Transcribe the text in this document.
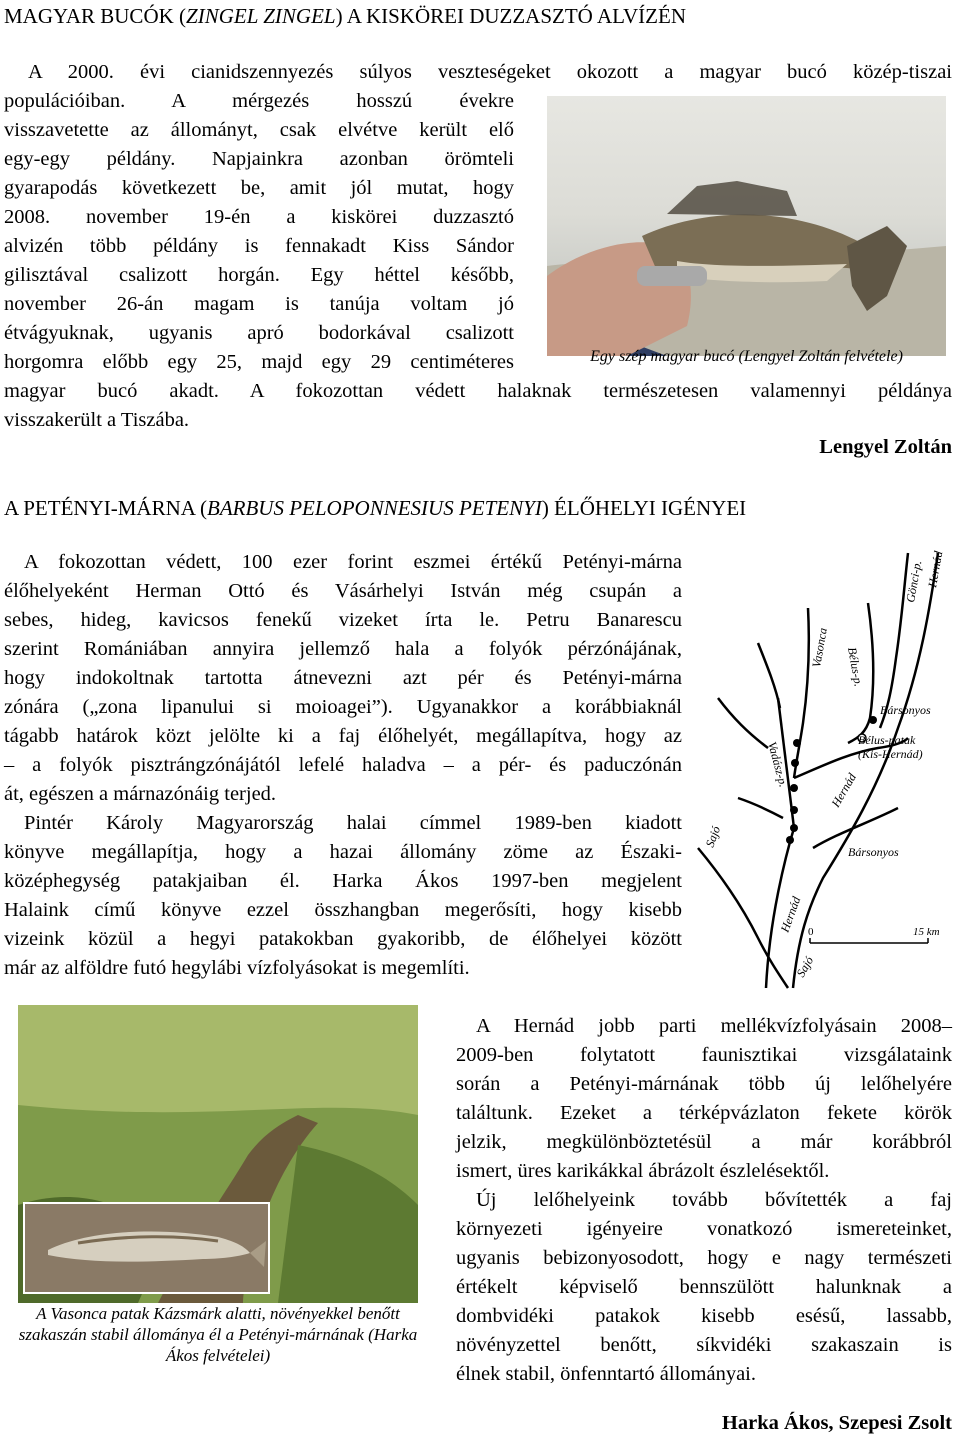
MAGYAR BUCÓK (ZINGEL ZINGEL) A KISKÖREI DUZZASZTÓ ALVÍZÉN
A 2000. évi cianidszennyezés súlyos veszteségeket okozott a magyar bucó közép-tiszai
populációiban. A mérgezés hosszú évekre
visszavetette az állományt, csak elvétve került elő
egy-egy példány. Napjainkra azonban örömteli
gyarapodás következett be, amit jól mutat, hogy
2008. november 19-én a kiskörei duzzasztó
alvizén több példány is fennakadt Kiss Sándor
gilisztával csalizott horgán. Egy héttel később,
november 26-án magam is tanúja voltam jó
étvágyuknak, ugyanis apró bodorkával csalizott
horgomra előbb egy 25, majd egy 29 centiméteres	Egy szép magyar bucó (Lengyel Zoltán felvétele)
magyar bucó akadt. A fokozottan védett halaknak természetesen valamennyi példánya
visszakerült a Tiszába.
Lengyel Zoltán
A PETÉNYI-MÁRNA (BARBUS PELOPONNESIUS PETENYI) ÉLŐHELYI IGÉNYEI
A fokozottan védett, 100 ezer forint eszmei értékű Petényi-márna
élőhelyeként Herman Ottó és Vásárhelyi István még csupán a
sebes, hideg, kavicsos fenekű vizeket írta le. Petru Banarescu
szerint Romániában annyira jellemző hala a folyók pérzónájának,
hogy indokoltnak tartotta átnevezni azt pér és Petényi-márna
zónára („zona lipanului si moioagei”). Ugyanakkor a korábbiaknál
tágabb határok közt jelölte ki a faj élőhelyét, megállapítva, hogy az
– a folyók pisztrángzónájától lefelé haladva – a pér- és paduczónán
át, egészen a márnazónáig terjed.
Pintér Károly Magyarország halai címmel 1989-ben kiadott
könyve megállapítja, hogy a hazai állomány zöme az Északi-
középhegység patakjaiban él. Harka Ákos 1997-ben megjelent
Halaink című könyve ezzel összhangban megerősíti, hogy kisebb
vizeink közül a hegyi patakokban gyakoribb, de élőhelyei között
már az alföldre futó hegylábi vízfolyásokat is megemlíti.
Hernád
Gönci-p.
Bélus-p.
Vasonca
Bársonyos
Bélus-patak
(Kis-Hernád)
Vadász-p.
Hernád
Bársonyos
Sajó
Hernád
Sajó
0	15 km
A Vasonca patak Kázsmárk alatti, növényekkel benőtt szakaszán stabil állománya él a Petényi-márnának (Harka Ákos felvételei)
A Hernád jobb parti mellékvízfolyásain 2008–
2009-ben folytatott faunisztikai vizsgálataink
során a Petényi-márnának több új lelőhelyére
találtunk. Ezeket a térképvázlaton fekete körök
jelzik, megkülönböztetésül a már korábbról
ismert, üres karikákkal ábrázolt észlelésektől.
Új lelőhelyeink tovább bővítették a faj
környezeti igényeire vonatkozó ismereteinket,
ugyanis bebizonyosodott, hogy e nagy természeti
értékelt képviselő bennszülött halunknak a
dombvidéki patakok kisebb esésű, lassabb,
növényzettel benőtt, síkvidéki szakaszain is
élnek stabil, önfenntartó állományai.
Harka Ákos, Szepesi Zsolt
